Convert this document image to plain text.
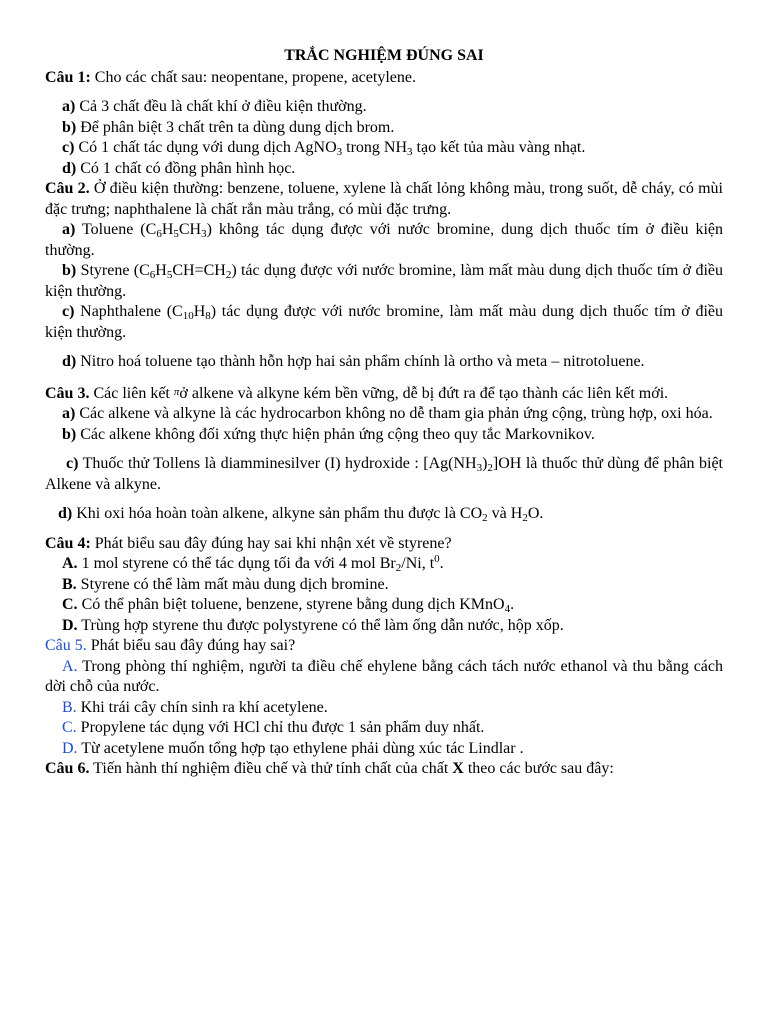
TRẮC NGHIỆM ĐÚNG SAI

Câu 1: Cho các chất sau: neopentane, propene, acetylene.

a) Cả 3 chất đều là chất khí ở điều kiện thường.

b) Để phân biệt 3 chất trên ta dùng dung dịch brom.

c) Có 1 chất tác dụng với dung dịch AgNO$_3$ trong $NH_3$ tạo kết tủa màu vàng nhạt.

d) Có 1 chất có đồng phân hình học.

Câu 2. Ở điều kiện thường: benzene, toluene, xylene là chất lỏng không màu, trong suốt, dễ cháy, có mùi đặc trưng; naphthalene là chất rắn màu trắng, có mùi đặc trưng.

a) Toluene $(C_6H_5CH_3)$ không tác dụng được với nước bromine, dung dịch thuốc tím ở điều kiện thường.

b) Styrene $(C_6H_5CH=CH_2)$ tác dụng được với nước bromine, làm mất màu dung dịch thuốc tím ở điều kiện thường.

c) Naphthalene $(C_{10}H_8)$ tác dụng được với nước bromine, làm mất màu dung dịch thuốc tím ở điều kiện thường.

d) Nitro hoá toluene tạo thành hỗn hợp hai sản phẩm chính là ortho và meta – nitrotoluene.

Câu 3. Các liên kết πở alkene và alkyne kém bền vững, dễ bị đứt ra để tạo thành các liên kết mới.

a) Các alkene và alkyne là các hydrocarbon không no dễ tham gia phản ứng cộng, trùng hợp, oxi hóa.

b) Các alkene không đối xứng thực hiện phản ứng cộng theo quy tắc Markovnikov.

c) Thuốc thử Tollens là diamminesilver (I) hydroxide : $[Ag(NH_3)_2]OH$ là thuốc thử dùng để phân biệt Alkene và alkyne.

d) Khi oxi hóa hoàn toàn alkene, alkyne sản phẩm thu được là $CO_2$ và $H_2O$.

Câu 4: Phát biểu sau đây đúng hay sai khi nhận xét về styrene?

A. 1 mol styrene có thể tác dụng tối đa với 4 mol $Br_2/Ni$, $t^0$.

B. Styrene có thể làm mất màu dung dịch bromine.

C. Có thể phân biệt toluene, benzene, styrene bằng dung dịch KMnO$_4$.

D. Trùng hợp styrene thu được polystyrene có thể làm ống dẫn nước, hộp xốp.

Câu 5. Phát biểu sau đây đúng hay sai?

A. Trong phòng thí nghiệm, người ta điều chế ehylene bằng cách tách nước ethanol và thu bằng cách dời chỗ của nước.

B. Khi trái cây chín sinh ra khí acetylene.

C. Propylene tác dụng với HCl chỉ thu được 1 sản phẩm duy nhất.

D. Từ acetylene muốn tổng hợp tạo ethylene phải dùng xúc tác Lindlar .

Câu 6. Tiến hành thí nghiệm điều chế và thử tính chất của chất X theo các bước sau đây:
